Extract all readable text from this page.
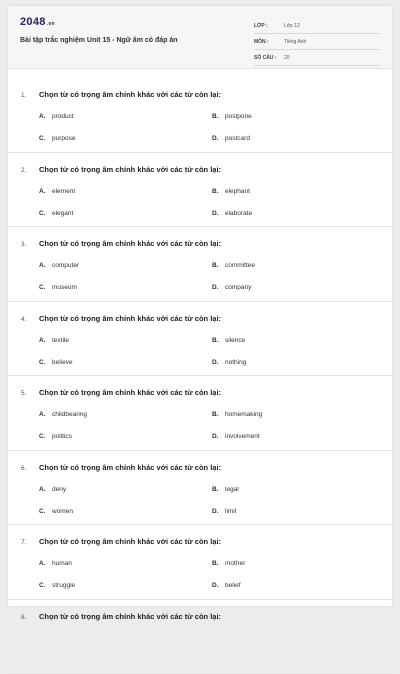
2048.vn
Bài tập trắc nghiệm Unit 15 - Ngữ âm có đáp án
LỚP :	Lớp 12
MÔN :	Tiếng Anh
SỐ CÂU :	20
1.	Chọn từ có trọng âm chính khác với các từ còn lại:
A.	product	B.	postpone
C.	purpose	D.	postcard
2.	Chọn từ có trọng âm chính khác với các từ còn lại:
A.	element	B.	elephant
C.	elegant	D.	elaborate
3.	Chọn từ có trọng âm chính khác với các từ còn lại:
A.	computer	B.	committee
C.	museum	D.	company
4.	Chọn từ có trọng âm chính khác với các từ còn lại:
A.	textile	B.	silence
C.	believe	D.	nothing
5.	Chọn từ có trọng âm chính khác với các từ còn lại:
A.	childbearing	B.	homemaking
C.	politics	D.	involvement
6.	Chọn từ có trọng âm chính khác với các từ còn lại:
A.	deny	B.	legal
C.	women	D.	limit
7.	Chọn từ có trọng âm chính khác với các từ còn lại:
A.	human	B.	mother
C.	struggle	D.	belief
8.	Chọn từ có trọng âm chính khác với các từ còn lại:
